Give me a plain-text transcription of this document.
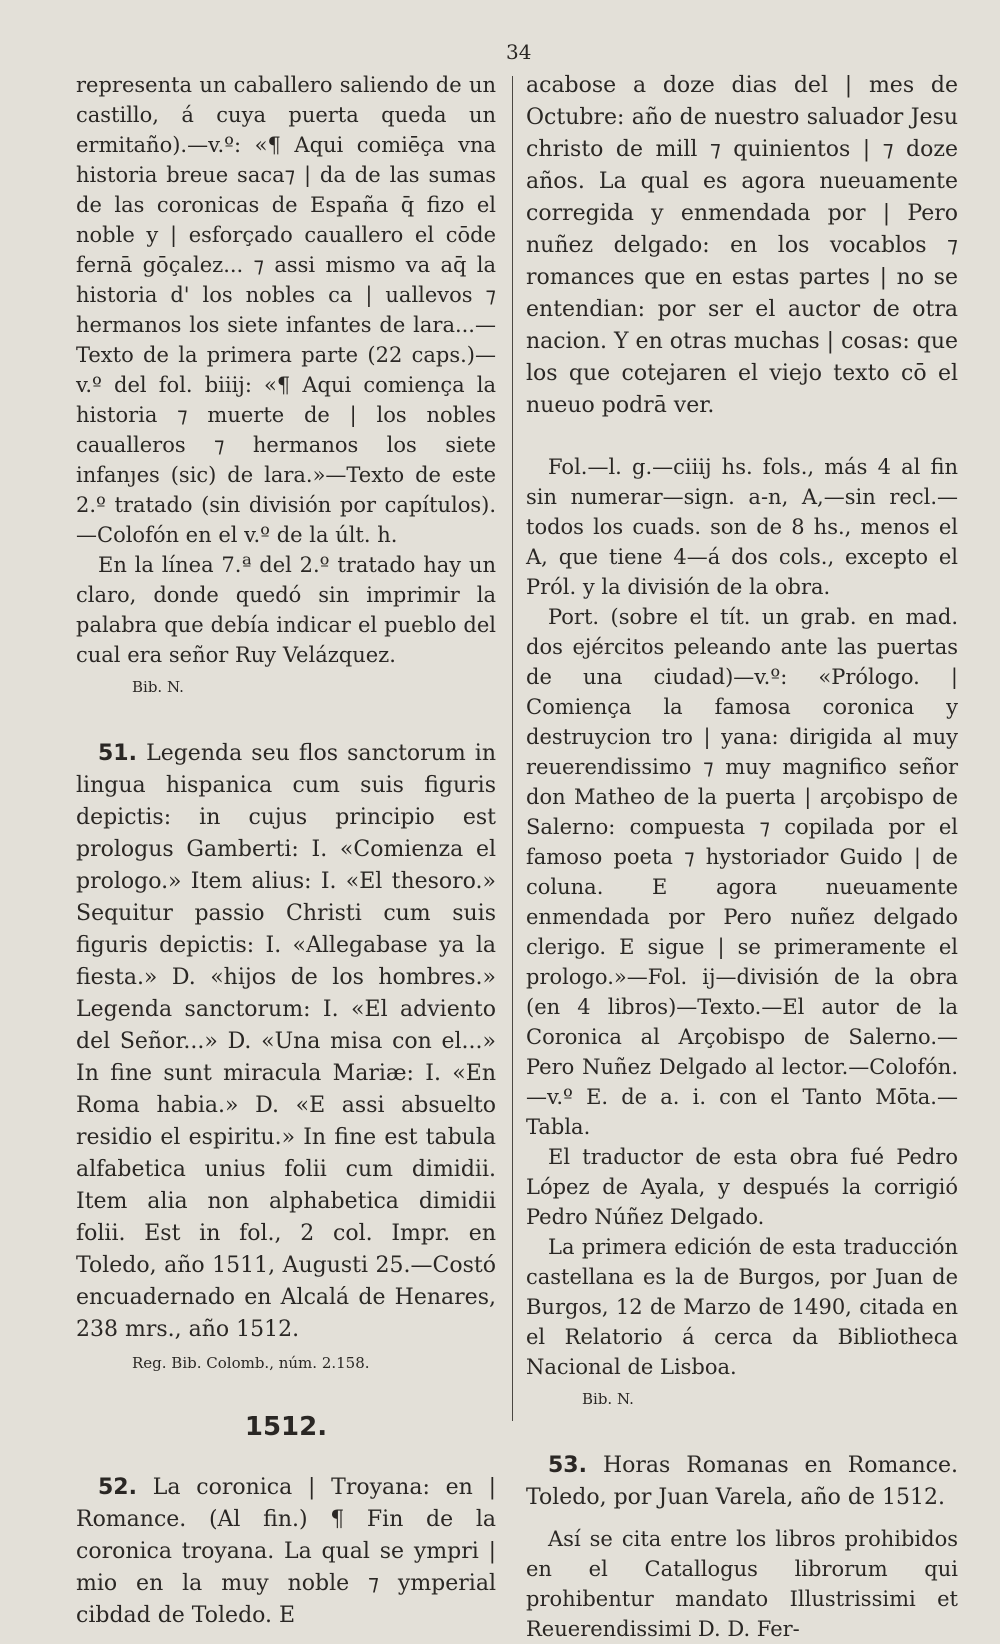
34

representa un caballero saliendo de un castillo, á cuya puerta queda un ermitaño).—v.º: «¶ Aqui comiēça vna historia breue saca⁊ | da de las sumas de las coronicas de España q̄ fizo el noble y | esforçado cauallero el cōde fernā gōçalez... ⁊ assi mismo va aq̄ la historia d' los nobles ca | uallevos ⁊ hermanos los siete infantes de lara...—Texto de la primera parte (22 caps.)—v.º del fol. biiij: «¶ Aqui comiença la historia ⁊ muerte de | los nobles caualleros ⁊ hermanos los siete infanȷes (sic) de lara.»—Texto de este 2.º tratado (sin división por capítulos).—Colofón en el v.º de la últ. h.

En la línea 7.ª del 2.º tratado hay un claro, donde quedó sin imprimir la palabra que debía indicar el pueblo del cual era señor Ruy Velázquez.

Bib. N.

51. Legenda seu flos sanctorum in lingua hispanica cum suis figuris depictis: in cujus principio est prologus Gamberti: I. «Comienza el prologo.» Item alius: I. «El thesoro.» Sequitur passio Christi cum suis figuris depictis: I. «Allegabase ya la fiesta.» D. «hijos de los hombres.» Legenda sanctorum: I. «El adviento del Señor...» D. «Una misa con el...» In fine sunt miracula Mariæ: I. «En Roma habia.» D. «E assi absuelto residio el espiritu.» In fine est tabula alfabetica unius folii cum dimidii. Item alia non alphabetica dimidii folii. Est in fol., 2 col. Impr. en Toledo, año 1511, Augusti 25.—Costó encuadernado en Alcalá de Henares, 238 mrs., año 1512.

Reg. Bib. Colomb., núm. 2.158.

1512.

52. La coronica | Troyana: en | Romance. (Al fin.) ¶ Fin de la coronica troyana. La qual se ympri | mio en la muy noble ⁊ ymperial cibdad de Toledo. E

acabose a doze dias del | mes de Octubre: año de nuestro saluador Jesu christo de mill ⁊ quinientos | ⁊ doze años. La qual es agora nueuamente corregida y enmendada por | Pero nuñez delgado: en los vocablos ⁊ romances que en estas partes | no se entendian: por ser el auctor de otra nacion. Y en otras muchas | cosas: que los que cotejaren el viejo texto cō el nueuo podrā ver.

Fol.—l. g.—ciiij hs. fols., más 4 al fin sin numerar—sign. a-n, A,—sin recl.—todos los cuads. son de 8 hs., menos el A, que tiene 4—á dos cols., excepto el Pról. y la división de la obra.

Port. (sobre el tít. un grab. en mad. dos ejércitos peleando ante las puertas de una ciudad)—v.º: «Prólogo. | Comiença la famosa coronica y destruycion tro | yana: dirigida al muy reuerendissimo ⁊ muy magnifico señor don Matheo de la puerta | arçobispo de Salerno: compuesta ⁊ copilada por el famoso poeta ⁊ hystoriador Guido | de coluna. E agora nueuamente enmendada por Pero nuñez delgado clerigo. E sigue | se primeramente el prologo.»—Fol. ij—división de la obra (en 4 libros)—Texto.—El autor de la Coronica al Arçobispo de Salerno.—Pero Nuñez Delgado al lector.—Colofón.—v.º E. de a. i. con el Tanto Mōta.—Tabla.

El traductor de esta obra fué Pedro López de Ayala, y después la corrigió Pedro Núñez Delgado.

La primera edición de esta traducción castellana es la de Burgos, por Juan de Burgos, 12 de Marzo de 1490, citada en el Relatorio á cerca da Bibliotheca Nacional de Lisboa.

Bib. N.

53. Horas Romanas en Romance. Toledo, por Juan Varela, año de 1512.

Así se cita entre los libros prohibidos en el Catallogus librorum qui prohibentur mandato Illustrissimi et Reuerendissimi D. D. Fer-
